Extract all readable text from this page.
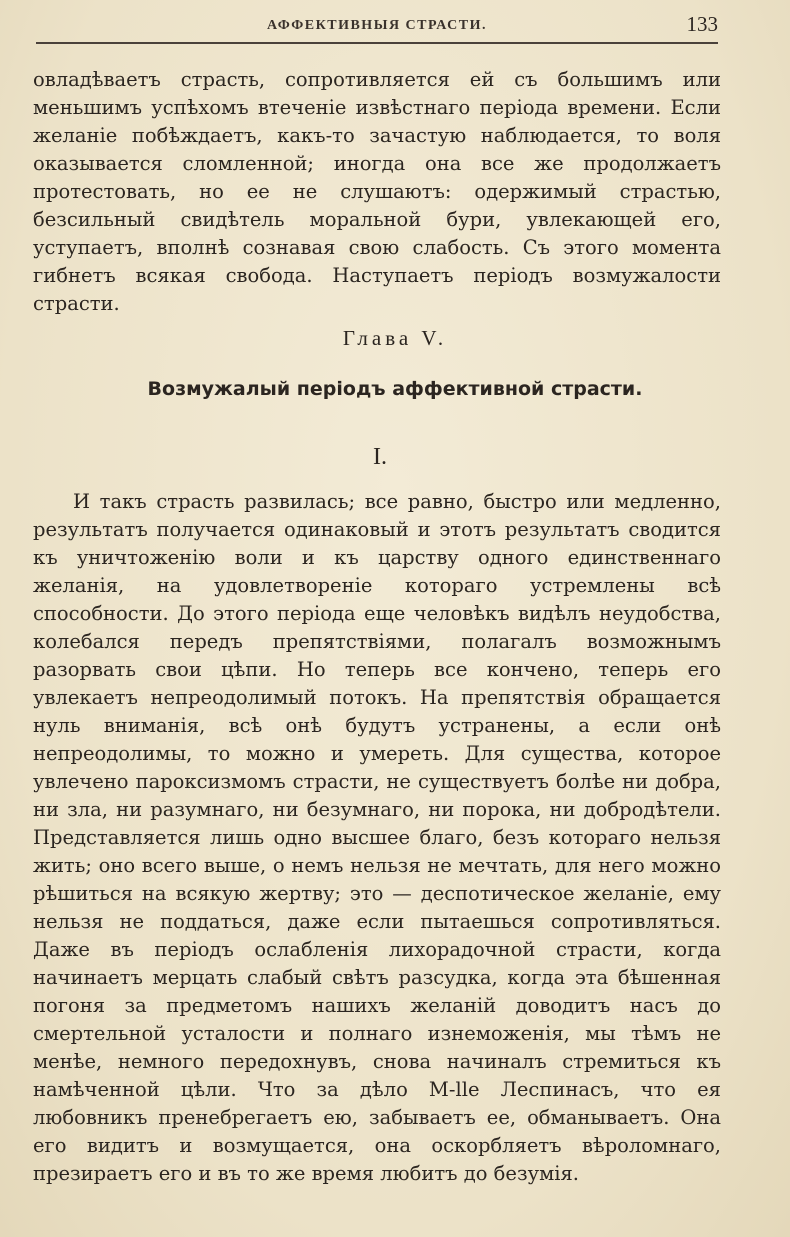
АФФЕКТИВНЫЯ СТРАСТИ.	133

овладѣваетъ страсть, сопротивляется ей съ большимъ или меньшимъ успѣхомъ втеченіе извѣстнаго періода времени. Если желаніе побѣждаетъ, какъ-то зачастую наблюдается, то воля оказывается сломленной; иногда она все же продолжаетъ протестовать, но ее не слушаютъ: одержимый страстью, безсильный свидѣтель моральной бури, увлекающей его, уступаетъ, вполнѣ сознавая свою слабость. Съ этого момента гибнетъ всякая свобода. Наступаетъ періодъ возмужалости страсти.

Глава V.
Возмужалый періодъ аффективной страсти.
I.

И такъ страсть развилась; все равно, быстро или медленно, результатъ получается одинаковый и этотъ результатъ сводится къ уничтоженію воли и къ царству одного единственнаго желанія, на удовлетвореніе котораго устремлены всѣ способности. До этого періода еще человѣкъ видѣлъ неудобства, колебался передъ препятствіями, полагалъ возможнымъ разорвать свои цѣпи. Но теперь все кончено, теперь его увлекаетъ непреодолимый потокъ. На препятствія обращается нуль вниманія, всѣ онѣ будутъ устранены, а если онѣ непреодолимы, то можно и умереть. Для существа, которое увлечено пароксизмомъ страсти, не существуетъ болѣе ни добра, ни зла, ни разумнаго, ни безумнаго, ни порока, ни добродѣтели. Представляется лишь одно высшее благо, безъ котораго нельзя жить; оно всего выше, о немъ нельзя не мечтать, для него можно рѣшиться на всякую жертву; это — деспотическое желаніе, ему нельзя не поддаться, даже если пытаешься сопротивляться. Даже въ періодъ ослабленія лихорадочной страсти, когда начинаетъ мерцать слабый свѣтъ разсудка, когда эта бѣшенная погоня за предметомъ нашихъ желаній доводитъ насъ до смертельной усталости и полнаго изнеможенія, мы тѣмъ не менѣе, немного передохнувъ, снова начиналъ стремиться къ намѣченной цѣли. Что за дѣло M-lle Леспинасъ, что ея любовникъ пренебрегаетъ ею, забываетъ ее, обманываетъ. Она его видитъ и возмущается, она оскорбляетъ вѣроломнаго, презираетъ его и въ то же время любитъ до безумія.
